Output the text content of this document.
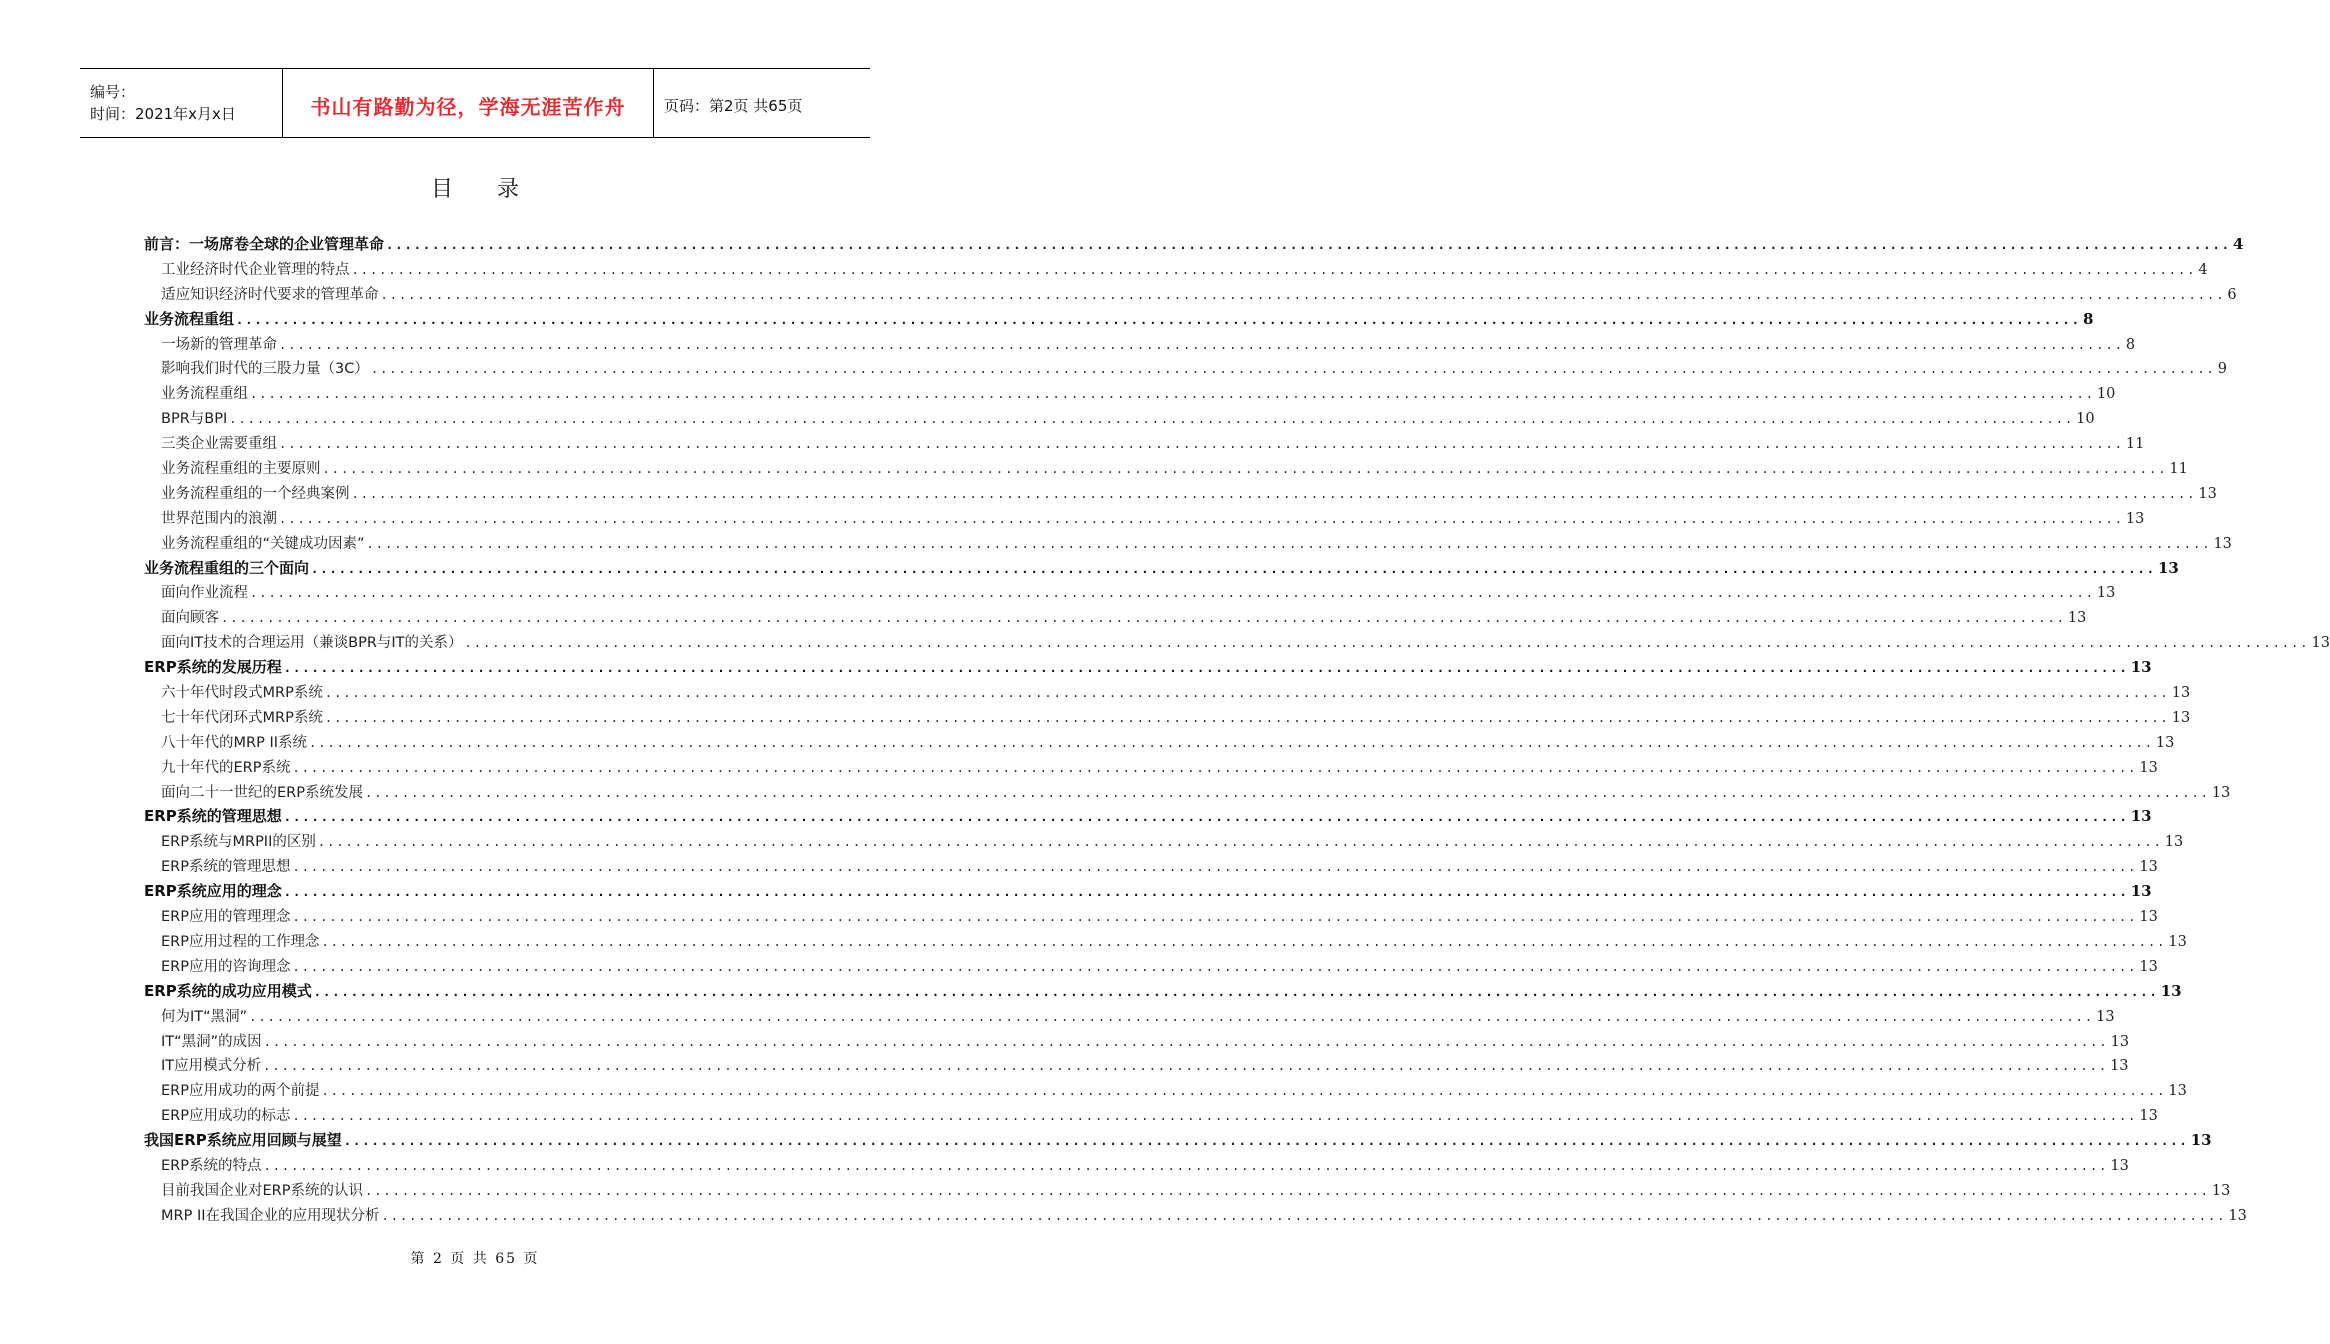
编号：
时间：2021年x月x日	书山有路勤为径，学海无涯苦作舟	页码：第2页 共65页
目录
前言：一场席卷全球的企业管理革命 ........................................................................................................................................................................................................ 4
工业经济时代企业管理的特点 ........................................................................................................................................................................................................ 4
适应知识经济时代要求的管理革命 ........................................................................................................................................................................................................ 6
业务流程重组 ........................................................................................................................................................................................................ 8
一场新的管理革命 ........................................................................................................................................................................................................ 8
影响我们时代的三股力量（3C） ........................................................................................................................................................................................................ 9
业务流程重组 ........................................................................................................................................................................................................ 10
BPR与BPI ........................................................................................................................................................................................................ 10
三类企业需要重组 ........................................................................................................................................................................................................ 11
业务流程重组的主要原则 ........................................................................................................................................................................................................ 11
业务流程重组的一个经典案例 ........................................................................................................................................................................................................ 13
世界范围内的浪潮 ........................................................................................................................................................................................................ 13
业务流程重组的“关键成功因素” ........................................................................................................................................................................................................ 13
业务流程重组的三个面向 ........................................................................................................................................................................................................ 13
面向作业流程 ........................................................................................................................................................................................................ 13
面向顾客 ........................................................................................................................................................................................................ 13
面向IT技术的合理运用（兼谈BPR与IT的关系） ........................................................................................................................................................................................................ 13
ERP系统的发展历程 ........................................................................................................................................................................................................ 13
六十年代时段式MRP系统 ........................................................................................................................................................................................................ 13
七十年代闭环式MRP系统 ........................................................................................................................................................................................................ 13
八十年代的MRP II系统 ........................................................................................................................................................................................................ 13
九十年代的ERP系统 ........................................................................................................................................................................................................ 13
面向二十一世纪的ERP系统发展 ........................................................................................................................................................................................................ 13
ERP系统的管理思想 ........................................................................................................................................................................................................ 13
ERP系统与MRPII的区别 ........................................................................................................................................................................................................ 13
ERP系统的管理思想 ........................................................................................................................................................................................................ 13
ERP系统应用的理念 ........................................................................................................................................................................................................ 13
ERP应用的管理理念 ........................................................................................................................................................................................................ 13
ERP应用过程的工作理念 ........................................................................................................................................................................................................ 13
ERP应用的咨询理念 ........................................................................................................................................................................................................ 13
ERP系统的成功应用模式 ........................................................................................................................................................................................................ 13
何为IT“黑洞” ........................................................................................................................................................................................................ 13
IT“黑洞”的成因 ........................................................................................................................................................................................................ 13
IT应用模式分析 ........................................................................................................................................................................................................ 13
ERP应用成功的两个前提 ........................................................................................................................................................................................................ 13
ERP应用成功的标志 ........................................................................................................................................................................................................ 13
我国ERP系统应用回顾与展望 ........................................................................................................................................................................................................ 13
ERP系统的特点 ........................................................................................................................................................................................................ 13
目前我国企业对ERP系统的认识 ........................................................................................................................................................................................................ 13
MRP II在我国企业的应用现状分析 ........................................................................................................................................................................................................ 13
第 2 页 共 65 页
